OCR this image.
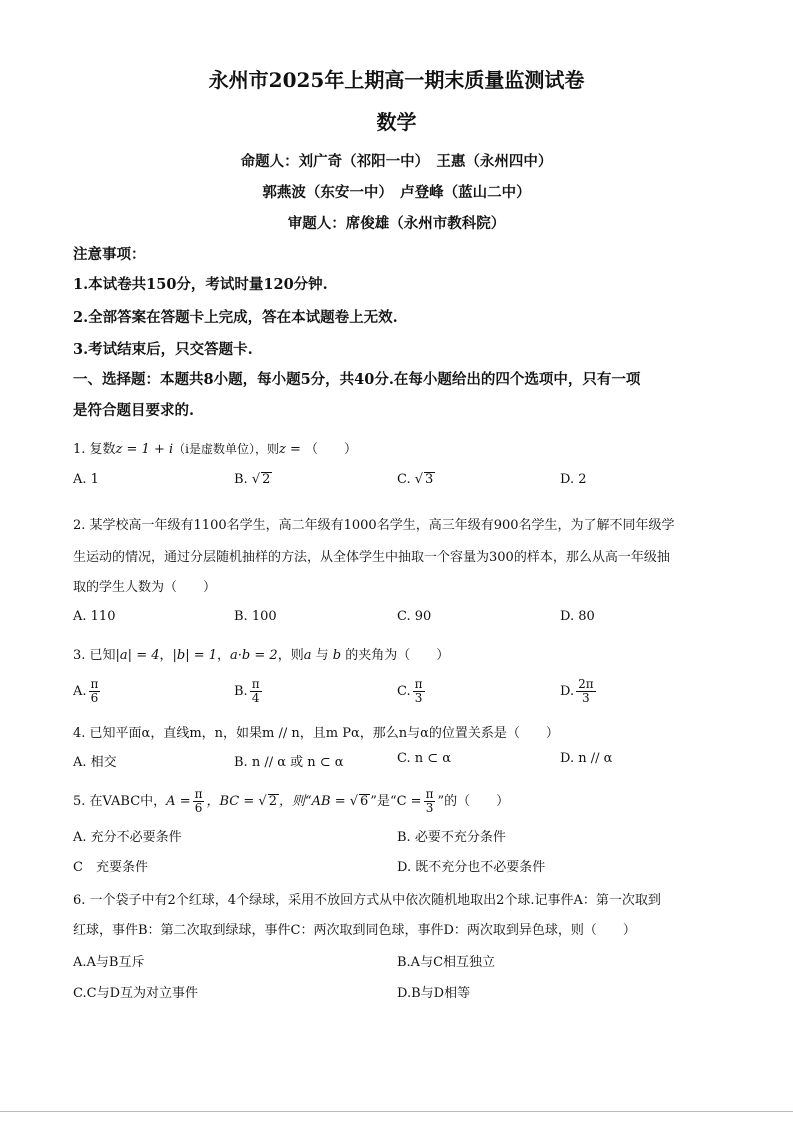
永州市2025年上期高一期末质量监测试卷
数学
命题人：刘广奇（祁阳一中）　王惠（永州四中）
郭燕波（东安一中）　卢登峰（蓝山二中）
审题人：席俊雄（永州市教科院）
注意事项：
1.本试卷共150分，考试时量120分钟.
2.全部答案在答题卡上完成，答在本试题卷上无效.
3.考试结束后，只交答题卡.
一、选择题：本题共8小题，每小题5分，共40分.在每小题给出的四个选项中，只有一项
是符合题目要求的.
1. 复数z = 1 + i（i是虚数单位），则z = （　　）
A. 1	B. √ 2	C. √ 3	D. 2
2. 某学校高一年级有1100名学生，高二年级有1000名学生，高三年级有900名学生，为了解不同年级学
生运动的情况，通过分层随机抽样的方法，从全体学生中抽取一个容量为300的样本，那么从高一年级抽
取的学生人数为（　　）
A. 110	B. 100	C. 90	D. 80
3. 已知|a| = 4，|b| = 1，a·b = 2，则a 与 b 的夹角为（　　）
A. $\frac{\pi}{6}$	B. $\frac{\pi}{4}$	C. $\frac{\pi}{3}$	D. $\frac{2\pi}{3}$
4. 已知平面α，直线m，n，如果m // n，且m Pα，那么n与α的位置关系是（　　）
A. 相交	B. n // α 或 n ⊂ α	C. n ⊂ α	D. n // α
5. 在VABC中，$A = \frac{\pi}{6}$ ，BC = √ 2 ，则“AB = √ 6 ”是“$C = \frac{\pi}{3}$ ”的（　　）
A. 充分不必要条件	B. 必要不充分条件
C　充要条件	D. 既不充分也不必要条件
6. 一个袋子中有2个红球，4个绿球，采用不放回方式从中依次随机地取出2个球.记事件A：第一次取到
红球，事件B：第二次取到绿球，事件C：两次取到同色球，事件D：两次取到异色球，则（　　）
A.A与B互斥	B.A与C相互独立
C.C与D互为对立事件	D.B与D相等
